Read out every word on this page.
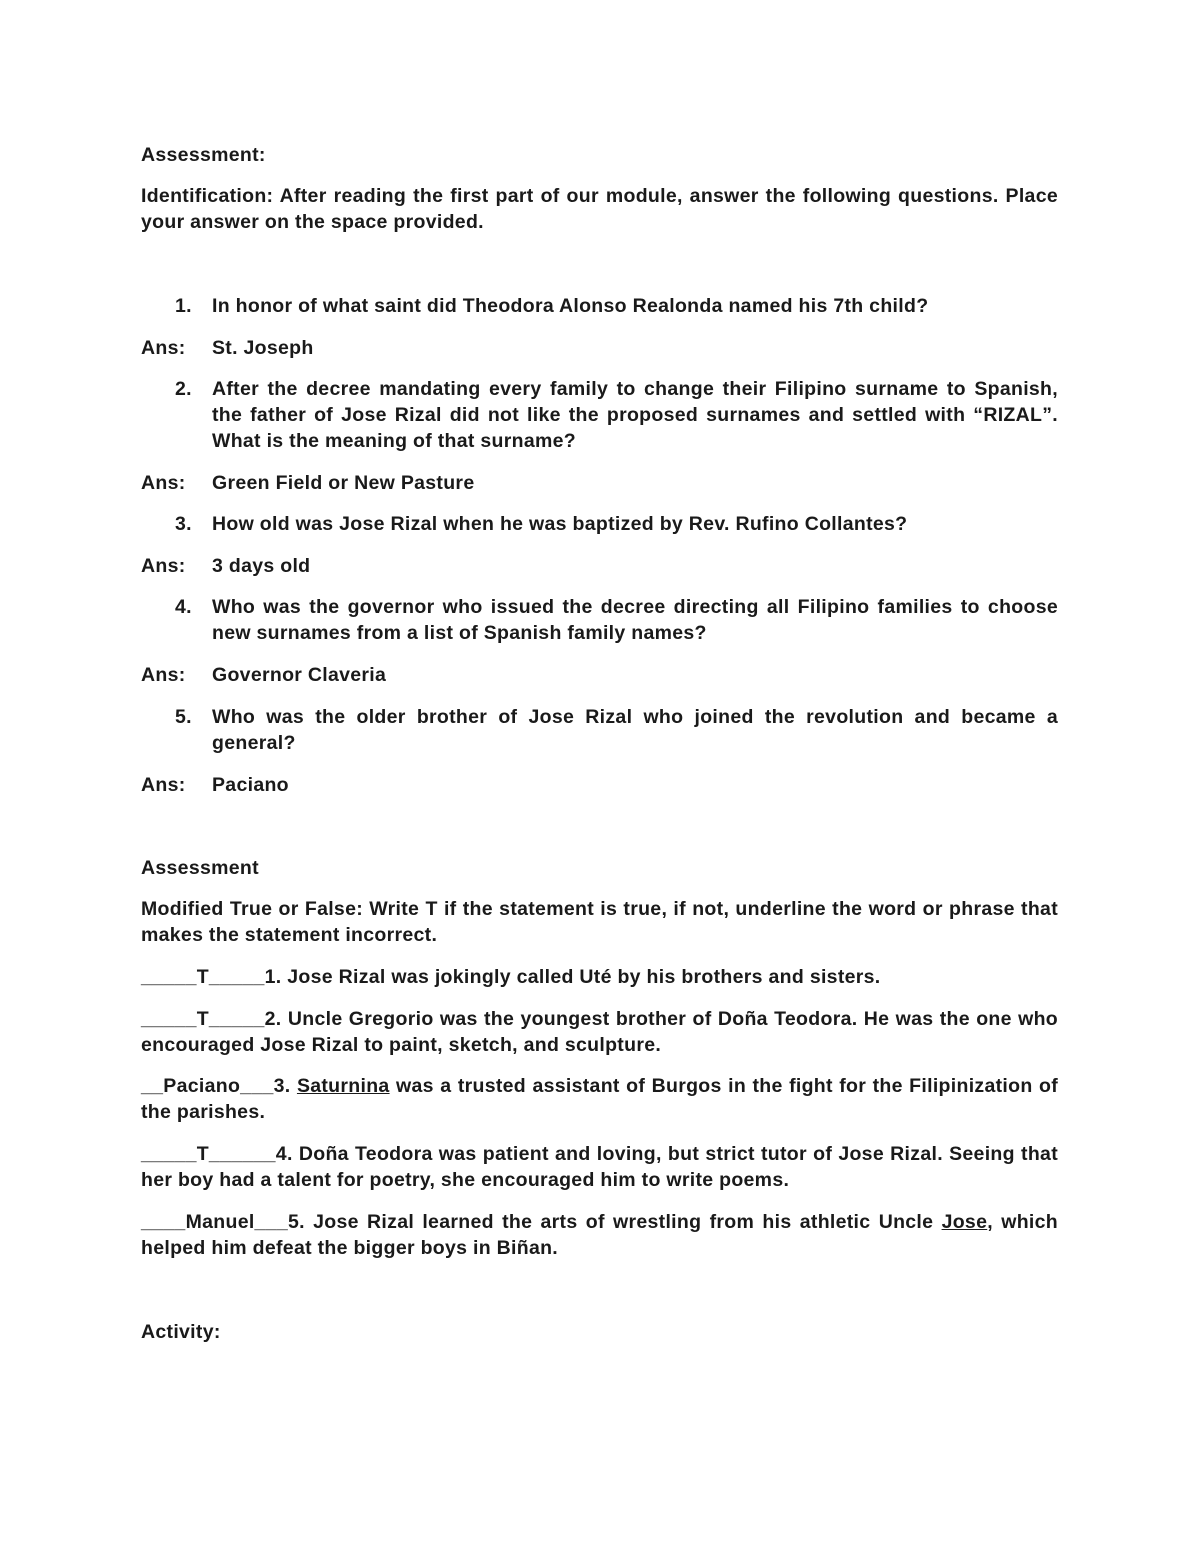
Assessment:
Identification: After reading the first part of our module, answer the following questions. Place your answer on the space provided.
1.	In honor of what saint did Theodora Alonso Realonda named his 7th child?
Ans: St. Joseph
2.	After the decree mandating every family to change their Filipino surname to Spanish, the father of Jose Rizal did not like the proposed surnames and settled with “RIZAL”. What is the meaning of that surname?
Ans: Green Field or New Pasture
3.	How old was Jose Rizal when he was baptized by Rev. Rufino Collantes?
Ans: 3 days old
4.	Who was the governor who issued the decree directing all Filipino families to choose new surnames from a list of Spanish family names?
Ans: Governor Claveria
5.	Who was the older brother of Jose Rizal who joined the revolution and became a general?
Ans: Paciano
Assessment
Modified True or False: Write T if the statement is true, if not, underline the word or phrase that makes the statement incorrect.
_____T_____1. Jose Rizal was jokingly called Uté by his brothers and sisters.
_____T_____2. Uncle Gregorio was the youngest brother of Doña Teodora. He was the one who encouraged Jose Rizal to paint, sketch, and sculpture.
__Paciano___3. Saturnina was a trusted assistant of Burgos in the fight for the Filipinization of the parishes.
_____T______4. Doña Teodora was patient and loving, but strict tutor of Jose Rizal. Seeing that her boy had a talent for poetry, she encouraged him to write poems.
____Manuel___5. Jose Rizal learned the arts of wrestling from his athletic Uncle Jose, which helped him defeat the bigger boys in Biñan.
Activity:
